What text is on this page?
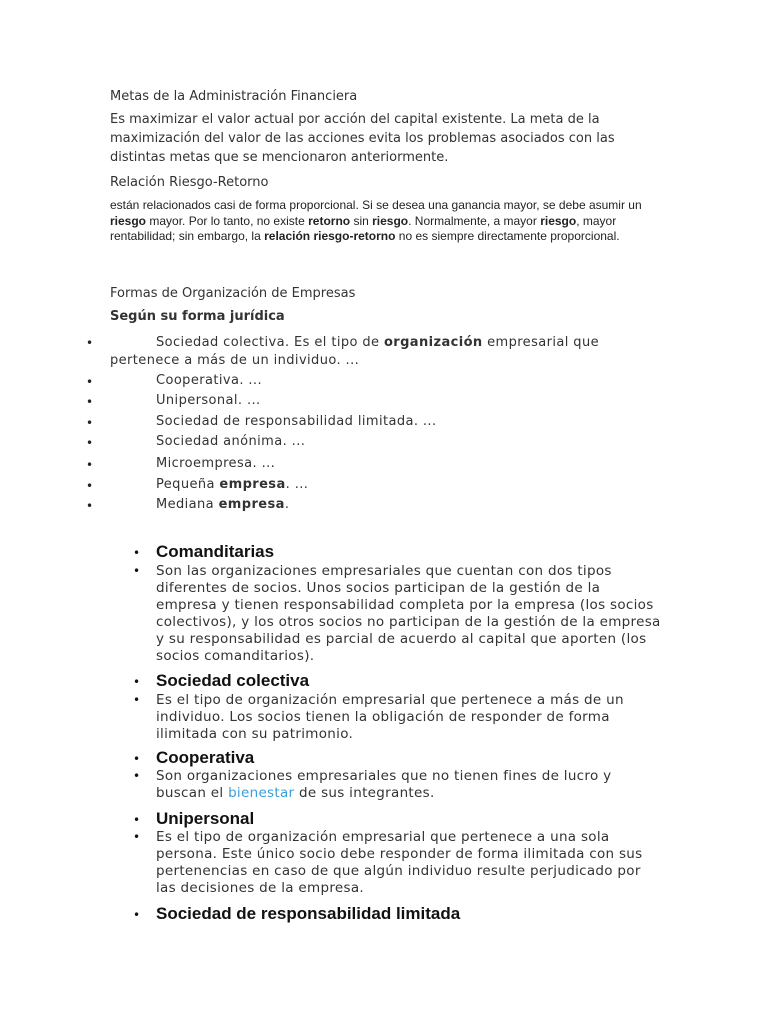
Metas de la Administración Financiera
Es maximizar el valor actual por acción del capital existente. La meta de la maximización del valor de las acciones evita los problemas asociados con las distintas metas que se mencionaron anteriormente.
Relación Riesgo-Retorno
están relacionados casi de forma proporcional. Si se desea una ganancia mayor, se debe asumir un riesgo mayor. Por lo tanto, no existe retorno sin riesgo. Normalmente, a mayor riesgo, mayor rentabilidad; sin embargo, la relación riesgo-retorno no es siempre directamente proporcional.
Formas de Organización de Empresas
Según su forma jurídica
•	Sociedad colectiva. Es el tipo de organización empresarial que pertenece a más de un individuo. ...
•	Cooperativa. ...
•	Unipersonal. ...
•	Sociedad de responsabilidad limitada. ...
•	Sociedad anónima. ...
•	Microempresa. ...
•	Pequeña empresa. ...
•	Mediana empresa.
• Comanditarias
• Son las organizaciones empresariales que cuentan con dos tipos diferentes de socios. Unos socios participan de la gestión de la empresa y tienen responsabilidad completa por la empresa (los socios colectivos), y los otros socios no participan de la gestión de la empresa y su responsabilidad es parcial de acuerdo al capital que aporten (los socios comanditarios).
• Sociedad colectiva
• Es el tipo de organización empresarial que pertenece a más de un individuo. Los socios tienen la obligación de responder de forma ilimitada con su patrimonio.
• Cooperativa
• Son organizaciones empresariales que no tienen fines de lucro y buscan el bienestar de sus integrantes.
• Unipersonal
• Es el tipo de organización empresarial que pertenece a una sola persona. Este único socio debe responder de forma ilimitada con sus pertenencias en caso de que algún individuo resulte perjudicado por las decisiones de la empresa.
• Sociedad de responsabilidad limitada
